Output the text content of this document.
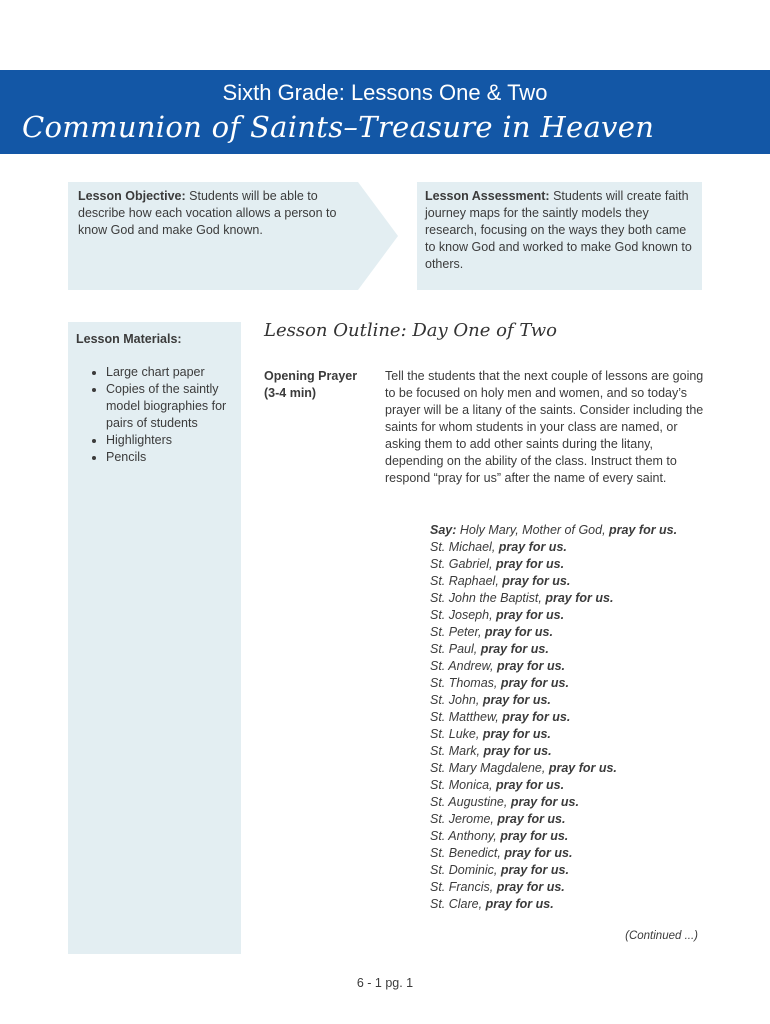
Sixth Grade: Lessons One & Two
Communion of Saints–Treasure in Heaven
Lesson Objective: Students will be able to describe how each vocation allows a person to know God and make God known.
Lesson Assessment: Students will create faith journey maps for the saintly models they research, focusing on the ways they both came to know God and worked to make God known to others.
Lesson Materials:
• Large chart paper
• Copies of the saintly model biographies for pairs of students
• Highlighters
• Pencils
Lesson Outline: Day One of Two
Opening Prayer (3-4 min)
Tell the students that the next couple of lessons are going to be focused on holy men and women, and so today’s prayer will be a litany of the saints. Consider including the saints for whom students in your class are named, or asking them to add other saints during the litany, depending on the ability of the class. Instruct them to respond “pray for us” after the name of every saint.
Say: Holy Mary, Mother of God, pray for us.
St. Michael, pray for us.
St. Gabriel, pray for us.
St. Raphael, pray for us.
St. John the Baptist, pray for us.
St. Joseph, pray for us.
St. Peter, pray for us.
St. Paul, pray for us.
St. Andrew, pray for us.
St. Thomas, pray for us.
St. John, pray for us.
St. Matthew, pray for us.
St. Luke, pray for us.
St. Mark, pray for us.
St. Mary Magdalene, pray for us.
St. Monica, pray for us.
St. Augustine, pray for us.
St. Jerome, pray for us.
St. Anthony, pray for us.
St. Benedict, pray for us.
St. Dominic, pray for us.
St. Francis, pray for us.
St. Clare, pray for us.
(Continued ...)
6 - 1 pg. 1
